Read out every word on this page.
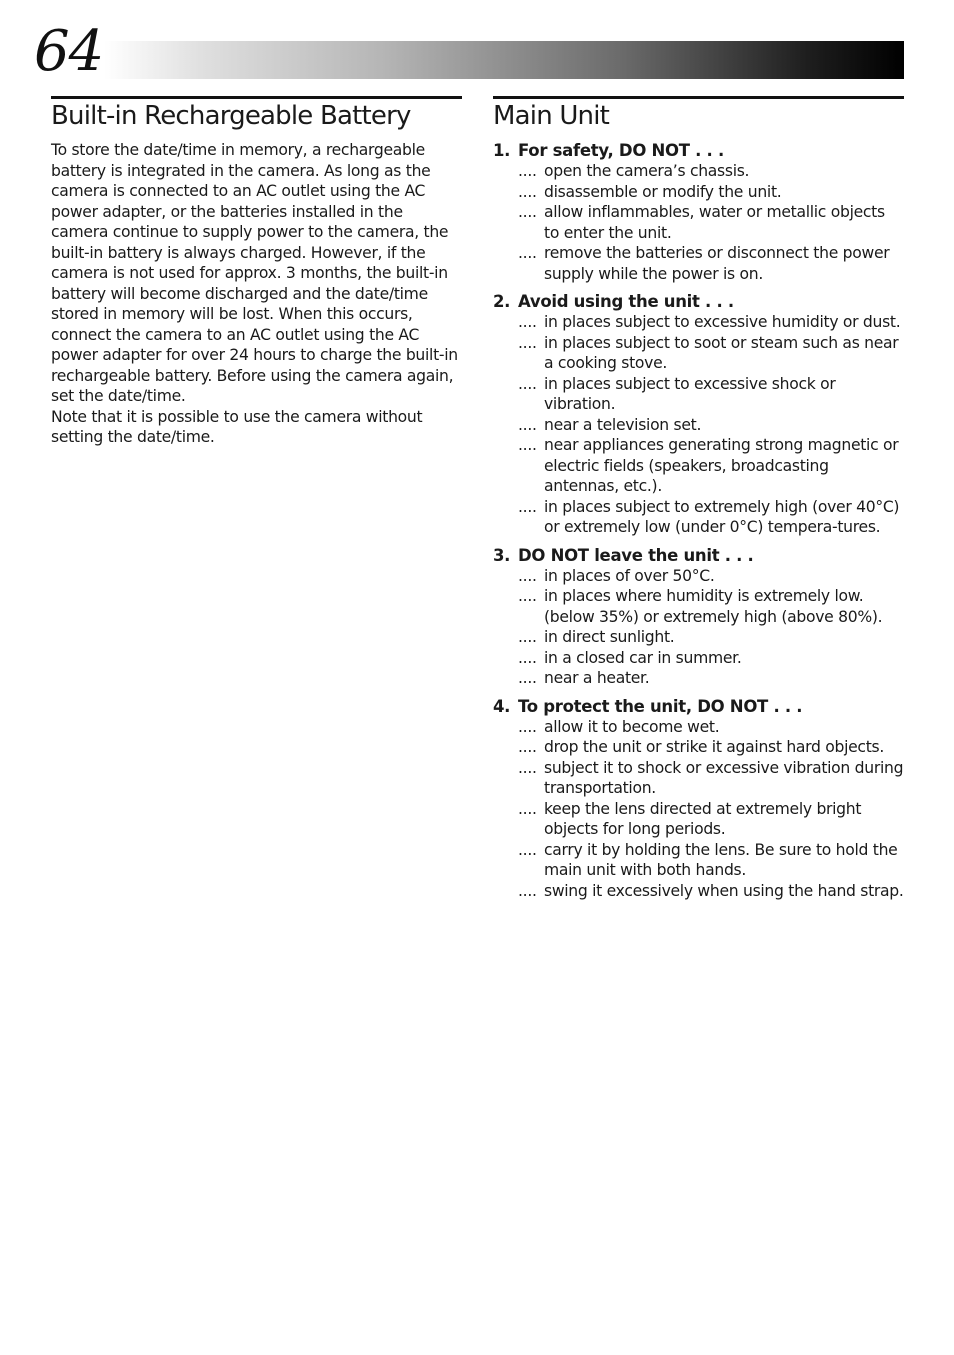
64
Built-in Rechargeable Battery

To store the date/time in memory, a rechargeable battery is integrated in the camera. As long as the camera is connected to an AC outlet using the AC power adapter, or the batteries installed in the camera continue to supply power to the camera, the built-in battery is always charged. However, if the camera is not used for approx. 3 months, the built-in battery will become discharged and the date/time stored in memory will be lost. When this occurs, connect the camera to an AC outlet using the AC power adapter for over 24 hours to charge the built-in rechargeable battery. Before using the camera again, set the date/time.

Note that it is possible to use the camera without setting the date/time.

Main Unit
1. For safety, DO NOT . . .
.... open the camera’s chassis.
.... disassemble or modify the unit.
.... allow inflammables, water or metallic objects to enter the unit.
.... remove the batteries or disconnect the power supply while the power is on.
2. Avoid using the unit . . .
.... in places subject to excessive humidity or dust.
.... in places subject to soot or steam such as near a cooking stove.
.... in places subject to excessive shock or vibration.
.... near a television set.
.... near appliances generating strong magnetic or electric fields (speakers, broadcasting antennas, etc.).
.... in places subject to extremely high (over 40°C) or extremely low (under 0°C) tempera-tures.
3. DO NOT leave the unit . . .
.... in places of over 50°C.
.... in places where humidity is extremely low. (below 35%) or extremely high (above 80%).
.... in direct sunlight.
.... in a closed car in summer.
.... near a heater.
4. To protect the unit, DO NOT . . .
.... allow it to become wet.
.... drop the unit or strike it against hard objects.
.... subject it to shock or excessive vibration during transportation.
.... keep the lens directed at extremely bright objects for long periods.
.... carry it by holding the lens. Be sure to hold the main unit with both hands.
.... swing it excessively when using the hand strap.
